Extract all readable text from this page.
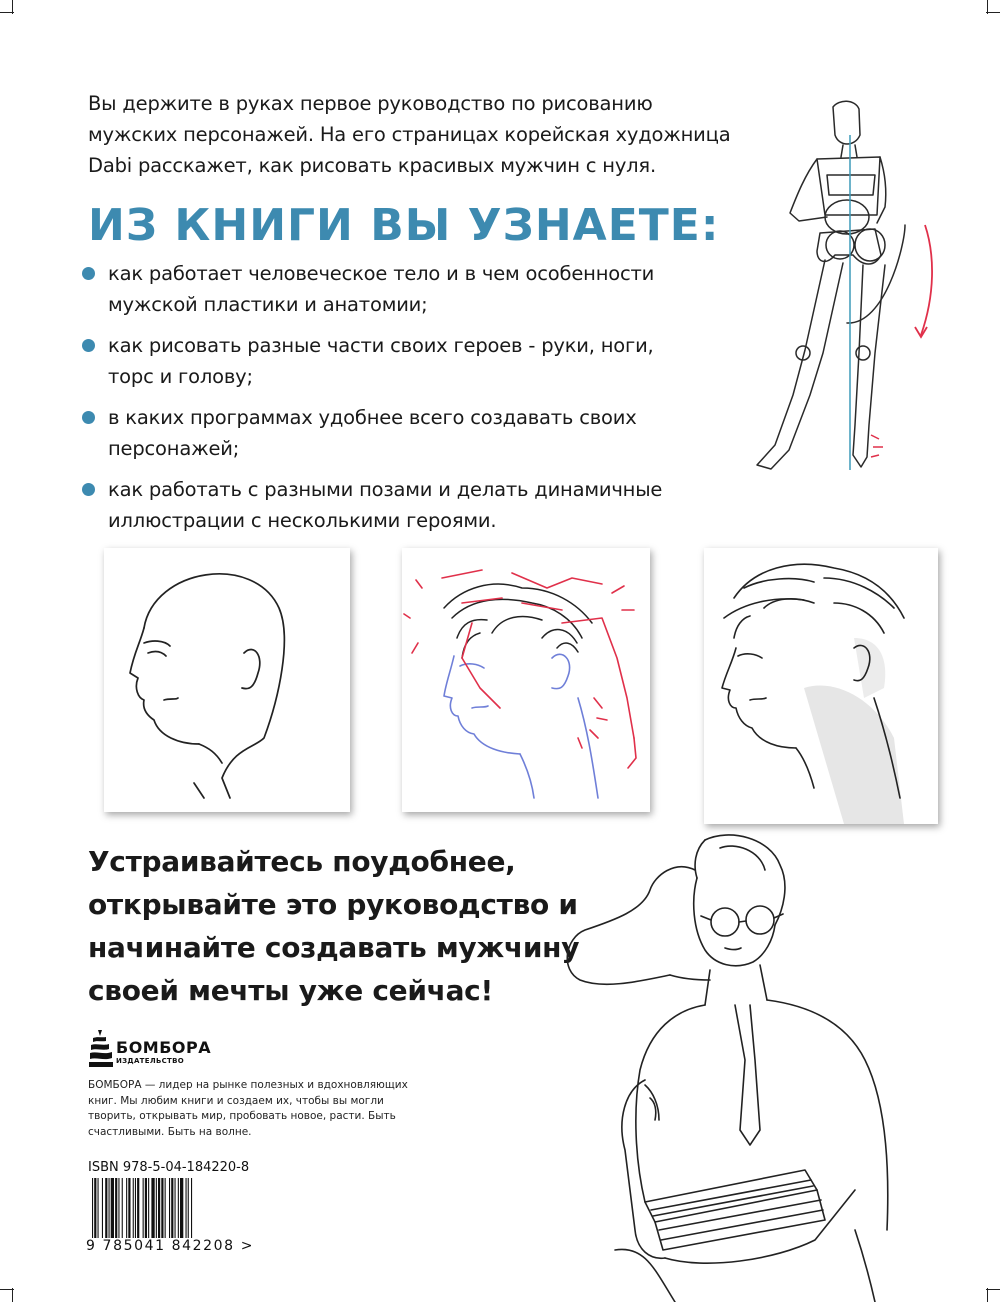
Вы держите в руках первое руководство по рисованию
мужских персонажей. На его страницах корейская художница
Dabi расскажет, как рисовать красивых мужчин с нуля.
ИЗ КНИГИ ВЫ УЗНАЕТЕ:
как работает человеческое тело и в чем особенности
мужской пластики и анатомии;
как рисовать разные части своих героев - руки, ноги,
торс и голову;
в каких программах удобнее всего создавать своих
персонажей;
как работать с разными позами и делать динамичные
иллюстрации с несколькими героями.
Устраивайтесь поудобнее,
открывайте это руководство и
начинайте создавать мужчину
своей мечты уже сейчас!
БОМБОРА
ИЗДАТЕЛЬСТВО
БОМБОРА — лидер на рынке полезных и вдохновляющих книг. Мы любим книги и создаем их, чтобы вы могли творить, открывать мир, пробовать новое, расти. Быть счастливыми. Быть на волне.
ISBN 978-5-04-184220-8
9 785041 842208 >
